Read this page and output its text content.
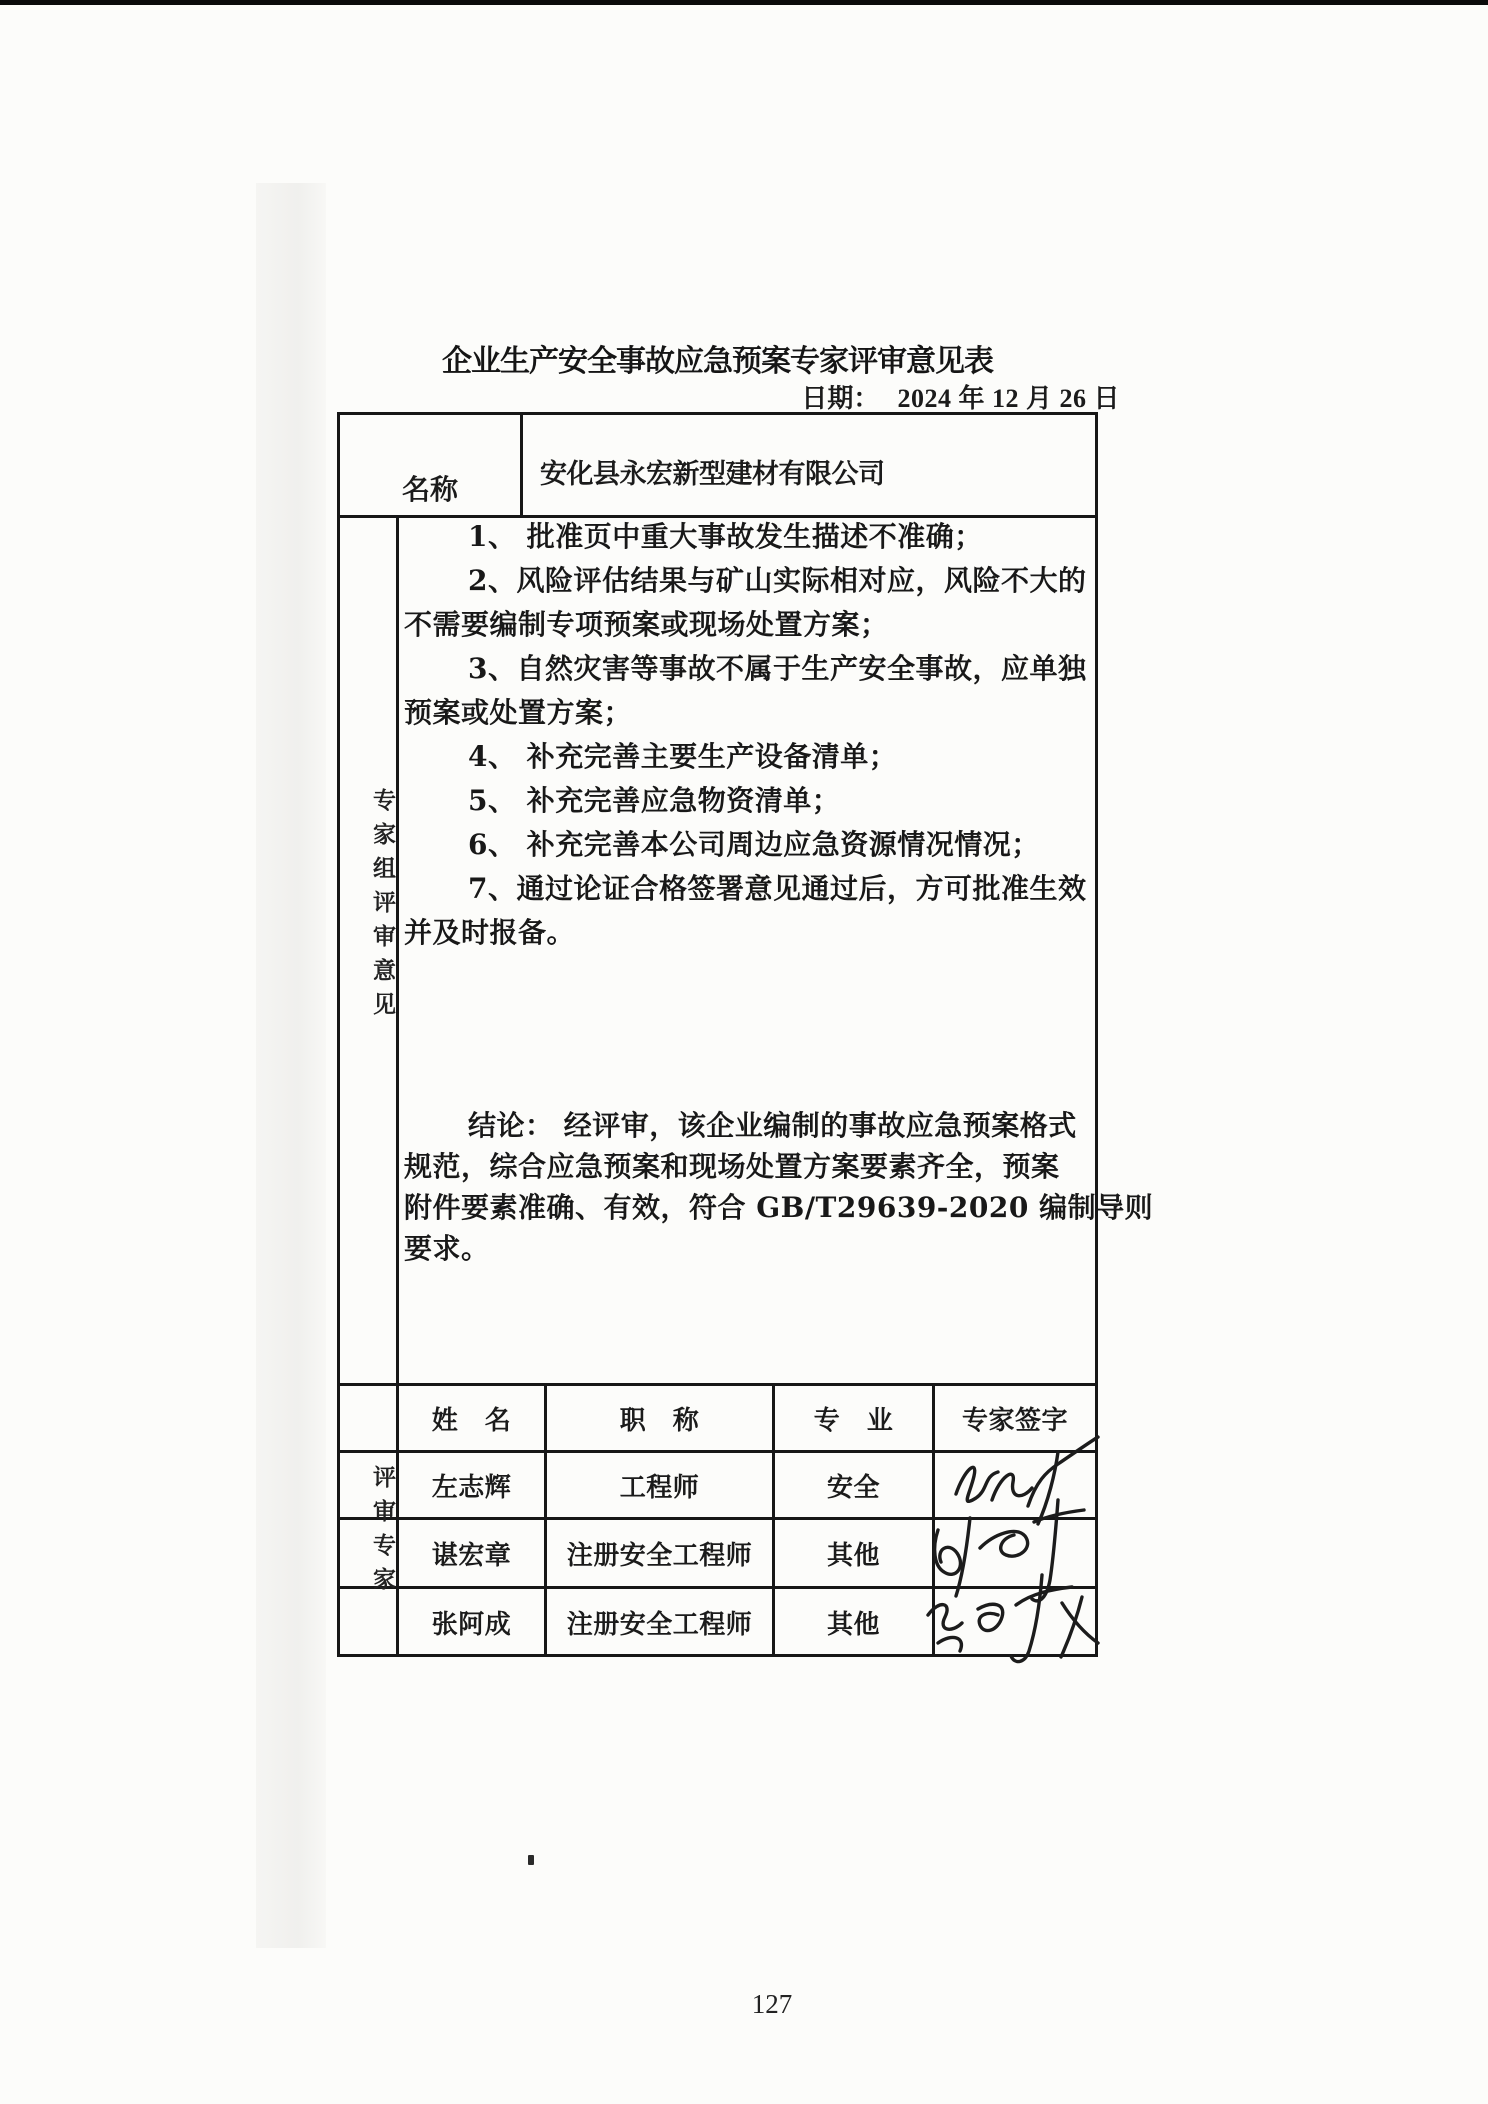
企业生产安全事故应急预案专家评审意见表
日期： 2024 年 12 月 26 日
名称	安化县永宏新型建材有限公司
专家组评审意见
1、 批准页中重大事故发生描述不准确；
2、风险评估结果与矿山实际相对应，风险不大的
不需要编制专项预案或现场处置方案；
3、自然灾害等事故不属于生产安全事故，应单独
预案或处置方案；
4、 补充完善主要生产设备清单；
5、 补充完善应急物资清单；
6、 补充完善本公司周边应急资源情况情况；
7、通过论证合格签署意见通过后，方可批准生效
并及时报备。
结论： 经评审，该企业编制的事故应急预案格式
规范，综合应急预案和现场处置方案要素齐全，预案
附件要素准确、有效，符合 GB/T29639-2020 编制导则
要求。
评审专家
姓　名	职　称	专　业	专家签字
左志辉	工程师	安全
谌宏章	注册安全工程师	其他
张阿成	注册安全工程师	其他
127
